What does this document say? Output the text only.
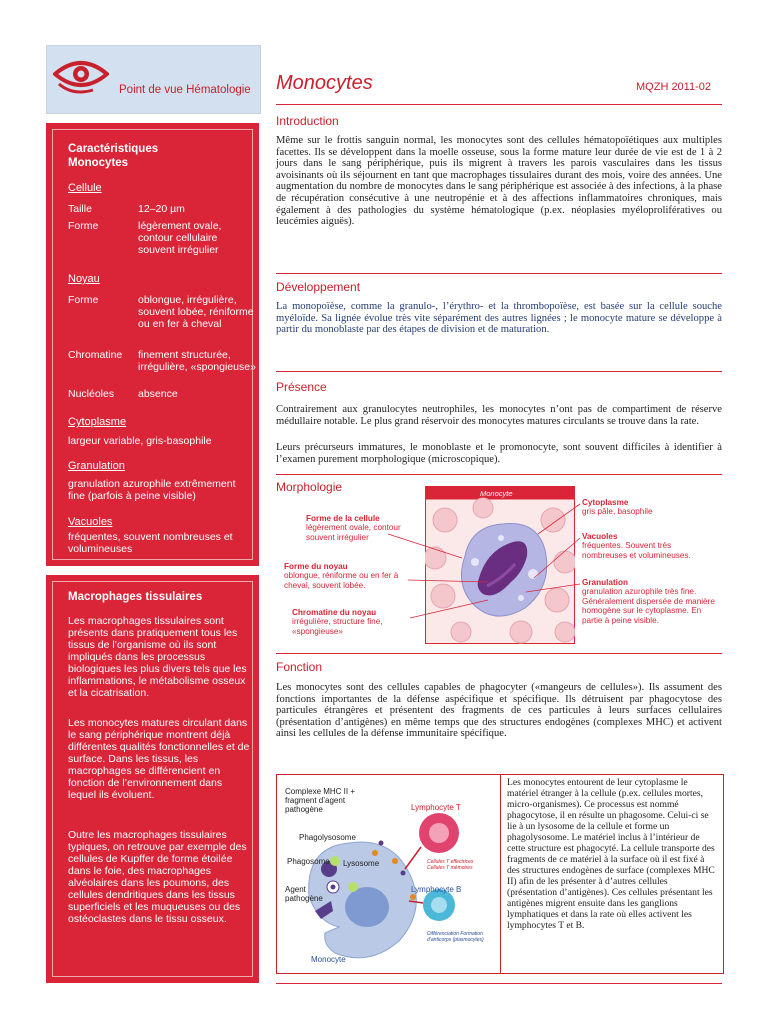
Point de vue Hématologie
Caractéristiques
Monocytes
Cellule
Taille	12–20 µm
Forme	légèrement ovale, contour cellulaire souvent irrégulier
Noyau
Forme	oblongue, irrégulière, souvent lobée, réniforme ou en fer à cheval
Chromatine finement structurée, irrégulière, «spongieuse»
Nucléoles absence
Cytoplasme
largeur variable, gris-basophile
Granulation
granulation azurophile extrêmement fine (parfois à peine visible)
Vacuoles
fréquentes, souvent nombreuses et volumineuses
Macrophages tissulaires
Les macrophages tissulaires sont présents dans pratiquement tous les tissus de l’organisme où ils sont impliqués dans les processus biologiques les plus divers tels que les inflammations, le métabolisme osseux et la cicatrisation.
Les monocytes matures circulant dans le sang périphérique montrent déjà différentes qualités fonctionnelles et de surface. Dans les tissus, les macrophages se différencient en fonction de l’environnement dans lequel ils évoluent.
Outre les macrophages tissulaires typiques, on retrouve par exemple des cellules de Kupffer de forme étoilée dans le foie, des macrophages alvéolaires dans les poumons, des cellules dendritiques dans les tissus superficiels et les muqueuses ou des ostéoclastes dans le tissu osseux.
Monocytes	MQZH 2011-02
Introduction
Même sur le frottis sanguin normal, les monocytes sont des cellules hématopoïétiques aux multiples facettes. Ils se développent dans la moelle osseuse, sous la forme mature leur durée de vie est de 1 à 2 jours dans le sang périphérique, puis ils migrent à travers les parois vasculaires dans les tissus avoisinants où ils séjournent en tant que macrophages tissulaires durant des mois, voire des années. Une augmentation du nombre de monocytes dans le sang périphérique est associée à des infections, à la phase de récupération consécutive à une neutropénie et à des affections inflammatoires chroniques, mais également à des pathologies du système hématologique (p.ex. néoplasies myéloprolifératives ou leucémies aiguës).
Développement
La monopoïèse, comme la granulo-, l’érythro- et la thrombopoïèse, est basée sur la cellule souche myéloïde. Sa lignée évolue très vite séparément des autres lignées ; le monocyte mature se développe à partir du monoblaste par des étapes de division et de maturation.
Présence
Contrairement aux granulocytes neutrophiles, les monocytes n’ont pas de compartiment de réserve médullaire notable. Le plus grand réservoir des monocytes matures circulants se trouve dans la rate.
Leurs précurseurs immatures, le monoblaste et le promonocyte, sont souvent difficiles à identifier à l’examen purement morphologique (microscopique).
Morphologie	Monocyte
Forme de la cellule
légèrement ovale, contour souvent irrégulier
Forme du noyau
oblongue, réniforme ou en fer à cheval, souvent lobée.
Chromatine du noyau
irrégulière, structure fine, «spongieuse»
Cytoplasme
gris pâle, basophile
Vacuoles
fréquentes. Souvent très nombreuses et volumineuses.
Granulation
granulation azurophile très fine. Généralement dispersée de manière homogène sur le cytoplasme. En partie à peine visible.
Fonction
Les monocytes sont des cellules capables de phagocyter («mangeurs de cellules»). Ils assument des fonctions importantes de la défense aspécifique et spécifique. Ils détruisent par phagocytose des particules étrangères et présentent des fragments de ces particules à leurs surfaces cellulaires (présentation d’antigènes) en même temps que des structures endogènes (complexes MHC) et activent ainsi les cellules de la défense immunitaire spécifique.
Complexe MHC II + fragment d’agent pathogène
Phagolysosome
Phagosome Lysosome
Agent pathogène
Monocyte
Lymphocyte T
Cellules T effectrices Cellules T mémoires
Lymphocyte B
Différenciation Formation d’anticorps (plasmocytes)
Les monocytes entourent de leur cytoplasme le matériel étranger à la cellule (p.ex. cellules mortes, micro-organismes). Ce processus est nommé phagocytose, il en résulte un phagosome. Celui-ci se lie à un lysosome de la cellule et forme un phagolysosome. Le matériel inclus à l’intérieur de cette structure est phagocyté. La cellule transporte des fragments de ce matériel à la surface où il est fixé à des structures endogènes de surface (complexes MHC II) afin de les présenter à d’autres cellules (présentation d’antigènes). Ces cellules présentant les antigènes migrent ensuite dans les ganglions lymphatiques et dans la rate où elles activent les lymphocytes T et B.
